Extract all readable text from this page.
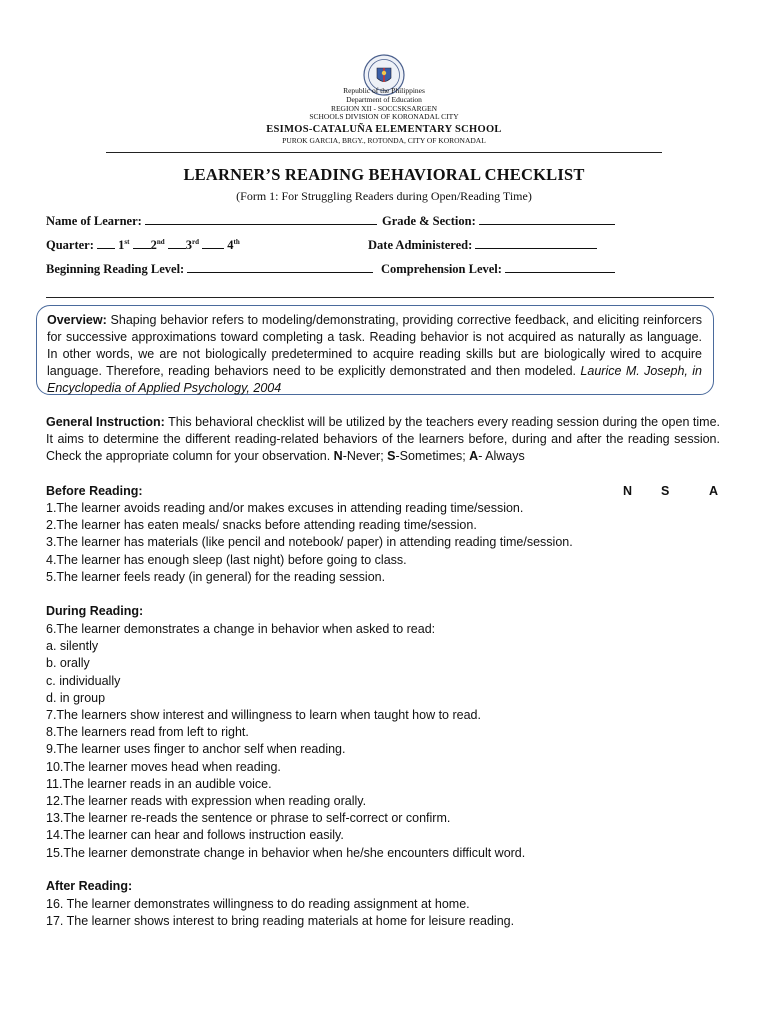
Republic of the Philippines
Department of Education
REGION XII - SOCCSKSARGEN
SCHOOLS DIVISION OF KORONADAL CITY
ESIMOS-CATALUÑA ELEMENTARY SCHOOL
PUROK GARCIA, BRGY., ROTONDA, CITY OF KORONADAL
LEARNER’S READING BEHAVIORAL CHECKLIST
(Form 1: For Struggling Readers during Open/Reading Time)
Name of Learner:	Grade & Section:
Quarter: 1st 2nd 3rd 4th	Date Administered:
Beginning Reading Level:	Comprehension Level:
Overview: Shaping behavior refers to modeling/demonstrating, providing corrective feedback, and eliciting reinforcers for successive approximations toward completing a task. Reading behavior is not acquired as naturally as language. In other words, we are not biologically predetermined to acquire reading skills but are biologically wired to acquire language. Therefore, reading behaviors need to be explicitly demonstrated and then modeled. Laurice M. Joseph, in Encyclopedia of Applied Psychology, 2004
General Instruction: This behavioral checklist will be utilized by the teachers every reading session during the open time. It aims to determine the different reading-related behaviors of the learners before, during and after the reading session. Check the appropriate column for your observation. N-Never; S-Sometimes; A- Always
Before Reading:	N S	A
1.The learner avoids reading and/or makes excuses in attending reading time/session.
2.The learner has eaten meals/ snacks before attending reading time/session.
3.The learner has materials (like pencil and notebook/ paper) in attending reading time/session.
4.The learner has enough sleep (last night) before going to class.
5.The learner feels ready (in general) for the reading session.
During Reading:
6.The learner demonstrates a change in behavior when asked to read:
a. silently
b. orally
c. individually
d. in group
7.The learners show interest and willingness to learn when taught how to read.
8.The learners read from left to right.
9.The learner uses finger to anchor self when reading.
10.The learner moves head when reading.
11.The learner reads in an audible voice.
12.The learner reads with expression when reading orally.
13.The learner re-reads the sentence or phrase to self-correct or confirm.
14.The learner can hear and follows instruction easily.
15.The learner demonstrate change in behavior when he/she encounters difficult word.
After Reading:
16. The learner demonstrates willingness to do reading assignment at home.
17. The learner shows interest to bring reading materials at home for leisure reading.
